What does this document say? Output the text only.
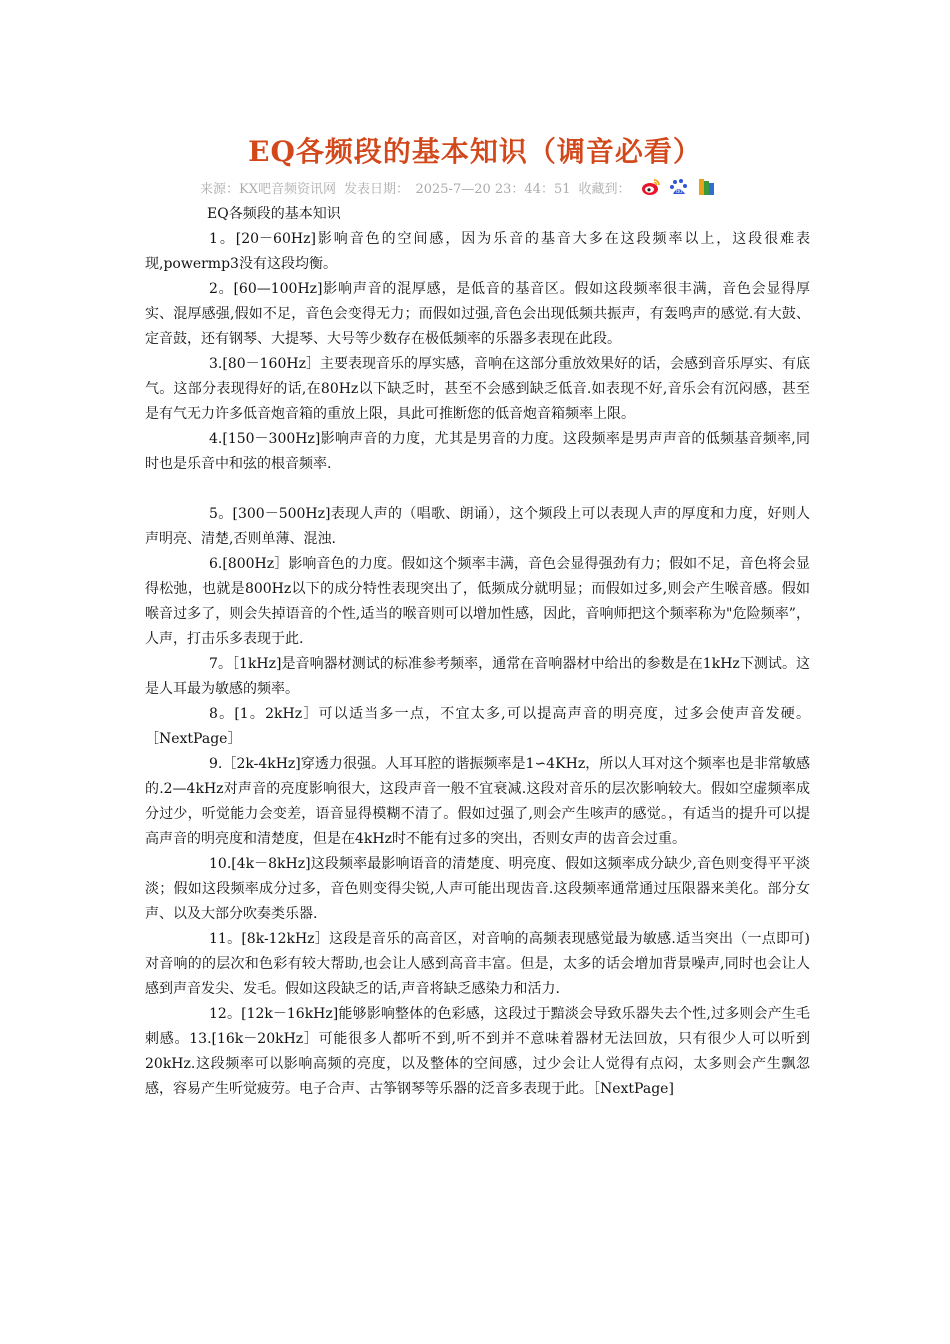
EQ各频段的基本知识（调音必看）
来源：KX吧音频资讯网 发表日期：　2025-7—20 23：44：51 收藏到：	du

EQ各频段的基本知识

1。[20－60Hz]影响音色的空间感，因为乐音的基音大多在这段频率以上，这段很难表现,powermp3没有这段均衡。

2。[60—100Hz]影响声音的混厚感，是低音的基音区。假如这段频率很丰满，音色会显得厚实、混厚感强,假如不足，音色会变得无力；而假如过强,音色会出现低频共振声，有轰鸣声的感觉.有大鼓、定音鼓，还有钢琴、大提琴、大号等少数存在极低频率的乐器多表现在此段。

3.[80－160Hz］主要表现音乐的厚实感，音响在这部分重放效果好的话，会感到音乐厚实、有底气。这部分表现得好的话,在80Hz以下缺乏时，甚至不会感到缺乏低音.如表现不好,音乐会有沉闷感，甚至是有气无力许多低音炮音箱的重放上限，具此可推断您的低音炮音箱频率上限。

4.[150－300Hz]影响声音的力度，尤其是男音的力度。这段频率是男声声音的低频基音频率,同时也是乐音中和弦的根音频率.

5。[300－500Hz]表现人声的（唱歌、朗诵），这个频段上可以表现人声的厚度和力度，好则人声明亮、清楚,否则单薄、混浊.

6.[800Hz］影响音色的力度。假如这个频率丰满，音色会显得强劲有力；假如不足，音色将会显得松弛，也就是800Hz以下的成分特性表现突出了，低频成分就明显；而假如过多,则会产生喉音感。假如喉音过多了，则会失掉语音的个性,适当的喉音则可以增加性感，因此，音响师把这个频率称为"危险频率”，人声，打击乐多表现于此.

7。［1kHz]是音响器材测试的标准参考频率，通常在音响器材中给出的参数是在1kHz下测试。这是人耳最为敏感的频率。

8。[1。2kHz］可以适当多一点，不宜太多,可以提高声音的明亮度，过多会使声音发硬。［NextPage］

9.［2k-4kHz]穿透力很强。人耳耳腔的谐振频率是1∽4KHz，所以人耳对这个频率也是非常敏感的.2—4kHz对声音的亮度影响很大，这段声音一般不宜衰减.这段对音乐的层次影响较大。假如空虚频率成分过少，听觉能力会变差，语音显得模糊不清了。假如过强了,则会产生咳声的感觉。，有适当的提升可以提高声音的明亮度和清楚度，但是在4kHz时不能有过多的突出，否则女声的齿音会过重。

10.[4k－8kHz]这段频率最影响语音的清楚度、明亮度、假如这频率成分缺少,音色则变得平平淡淡；假如这段频率成分过多，音色则变得尖锐,人声可能出现齿音.这段频率通常通过压限器来美化。部分女声、以及大部分吹奏类乐器.

11。[8k-12kHz］这段是音乐的高音区，对音响的高频表现感觉最为敏感.适当突出（一点即可)对音响的的层次和色彩有较大帮助,也会让人感到高音丰富。但是，太多的话会增加背景噪声,同时也会让人感到声音发尖、发毛。假如这段缺乏的话,声音将缺乏感染力和活力.

12。[12k－16kHz]能够影响整体的色彩感，这段过于黯淡会导致乐器失去个性,过多则会产生毛刺感。13.[16k－20kHz］可能很多人都听不到,听不到并不意味着器材无法回放，只有很少人可以听到20kHz.这段频率可以影响高频的亮度，以及整体的空间感，过少会让人觉得有点闷，太多则会产生飘忽感，容易产生听觉疲劳。电子合声、古筝钢琴等乐器的泛音多表现于此。［NextPage]
